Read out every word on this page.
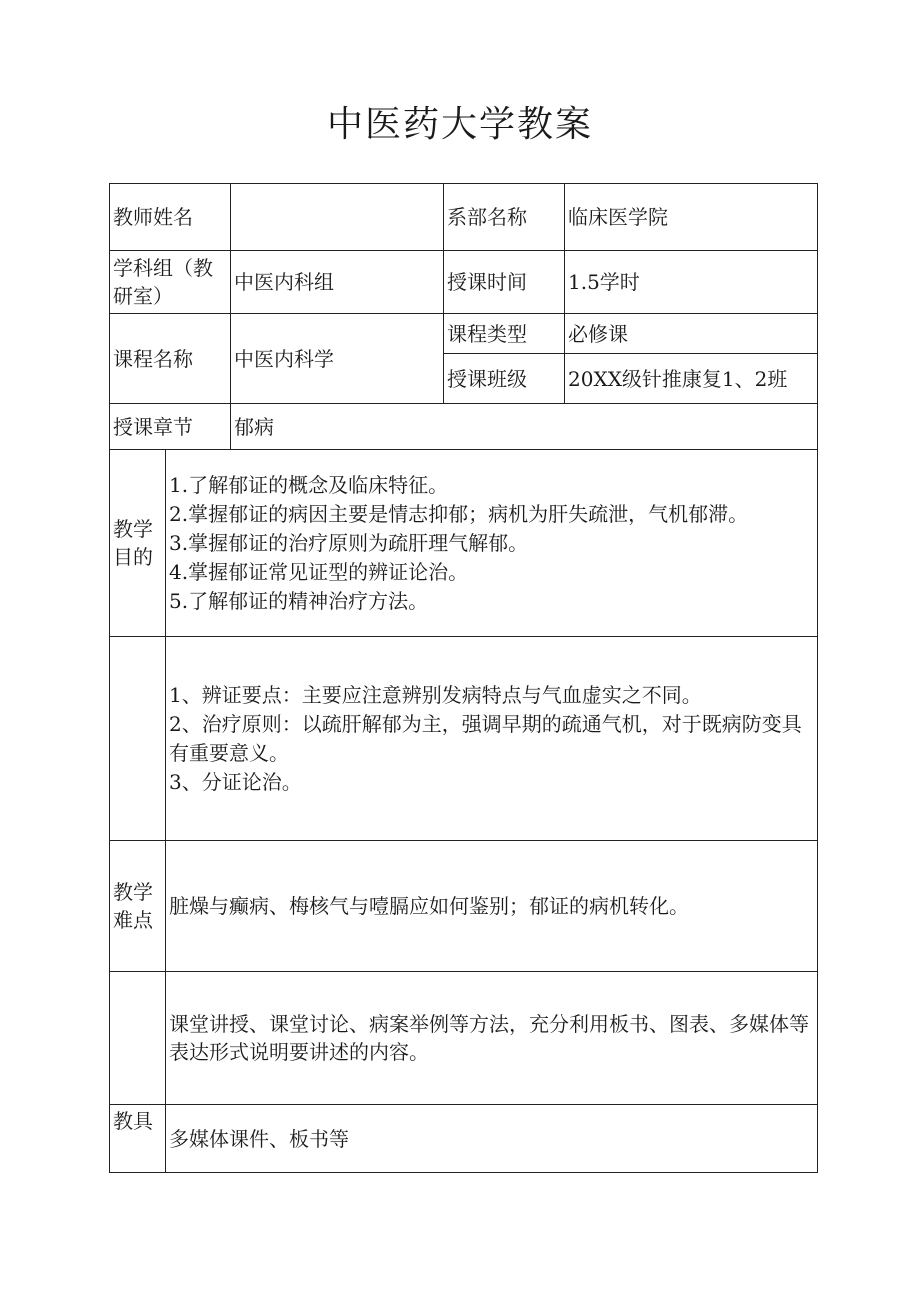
中医药大学教案
教师姓名			系部名称	临床医学院
学科组（教研室）		中医内科组	授课时间	1.5学时
课程名称		中医内科学	课程类型	必修课
			授课班级	20XX级针推康复1、2班
授课章节		郁病		
教学目的	1.了解郁证的概念及临床特征。
2.掌握郁证的病因主要是情志抑郁；病机为肝失疏泄，气机郁滞。
3.掌握郁证的治疗原则为疏肝理气解郁。
4.掌握郁证常见证型的辨证论治。
5.了解郁证的精神治疗方法。			

	1、辨证要点：主要应注意辨别发病特点与气血虚实之不同。
2、治疗原则：以疏肝解郁为主，强调早期的疏通气机，对于既病防变具有重要意义。
3、分证论治。			

教学难点	脏燥与癫病、梅核气与噎膈应如何鉴别；郁证的病机转化。			
	课堂讲授、课堂讨论、病案举例等方法，充分利用板书、图表、多媒体等表达形式说明要讲述的内容。			
教具	多媒体课件、板书等			
